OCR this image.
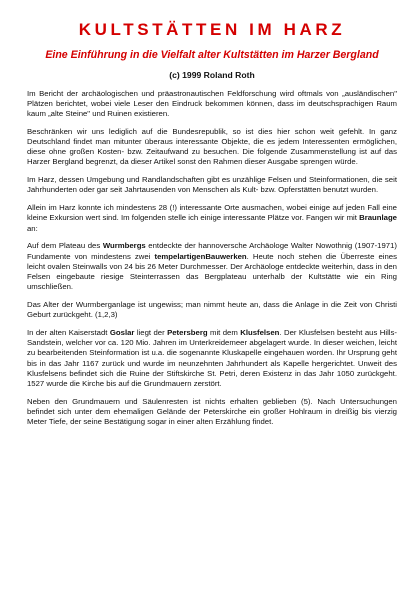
KULTSTÄTTEN IM HARZ
Eine Einführung in die Vielfalt alter Kultstätten im Harzer Bergland
(c) 1999 Roland Roth

Im Bericht der archäologischen und präastronautischen Feldforschung wird oftmals von „ausländischen" Plätzen berichtet, wobei viele Leser den Eindruck bekommen können, dass im deutschsprachigen Raum kaum „alte Steine" und Ruinen existieren.

Beschränken wir uns lediglich auf die Bundesrepublik, so ist dies hier schon weit gefehlt. In ganz Deutschland findet man mitunter überaus interessante Objekte, die es jedem Interessenten ermöglichen, diese ohne großen Kosten- bzw. Zeitaufwand zu besuchen. Die folgende Zusammenstellung ist auf das Harzer Bergland begrenzt, da dieser Artikel sonst den Rahmen dieser Ausgabe sprengen würde.

Im Harz, dessen Umgebung und Randlandschaften gibt es unzählige Felsen und Steinformationen, die seit Jahrhunderten oder gar seit Jahrtausenden von Menschen als Kult- bzw. Opferstätten benutzt wurden.

Allein im Harz konnte ich mindestens 28 (!) interessante Orte ausmachen, wobei einige auf jeden Fall eine kleine Exkursion wert sind. Im folgenden stelle ich einige interessante Plätze vor. Fangen wir mit Braunlage an:

Auf dem Plateau des Wurmbergs entdeckte der hannoversche Archäologe Walter Nowothnig (1907-1971) Fundamente von mindestens zwei tempelartigenBauwerken. Heute noch stehen die Überreste eines leicht ovalen Steinwalls von 24 bis 26 Meter Durchmesser. Der Archäologe entdeckte weiterhin, dass in den Felsen eingebaute riesige Steinterrassen das Bergplateau unterhalb der Kultstätte wie ein Ring umschließen.

Das Alter der Wurmberganlage ist ungewiss; man nimmt heute an, dass die Anlage in die Zeit von Christi Geburt zurückgeht. (1,2,3)

In der alten Kaiserstadt Goslar liegt der Petersberg mit dem Klusfelsen. Der Klusfelsen besteht aus Hills-Sandstein, welcher vor ca. 120 Mio. Jahren im Unterkreidemeer abgelagert wurde. In dieser weichen, leicht zu bearbeitenden Steinformation ist u.a. die sogenannte Kluskapelle eingehauen worden. Ihr Ursprung geht bis in das Jahr 1167 zurück und wurde im neunzehnten Jahrhundert als Kapelle hergerichtet. Unweit des Klusfelsens befindet sich die Ruine der Stiftskirche St. Petri, deren Existenz in das Jahr 1050 zurückgeht. 1527 wurde die Kirche bis auf die Grundmauern zerstört.

Neben den Grundmauern und Säulenresten ist nichts erhalten geblieben (5). Nach Untersuchungen befindet sich unter dem ehemaligen Gelände der Peterskirche ein großer Hohlraum in dreißig bis vierzig Meter Tiefe, der seine Bestätigung sogar in einer alten Erzählung findet.
